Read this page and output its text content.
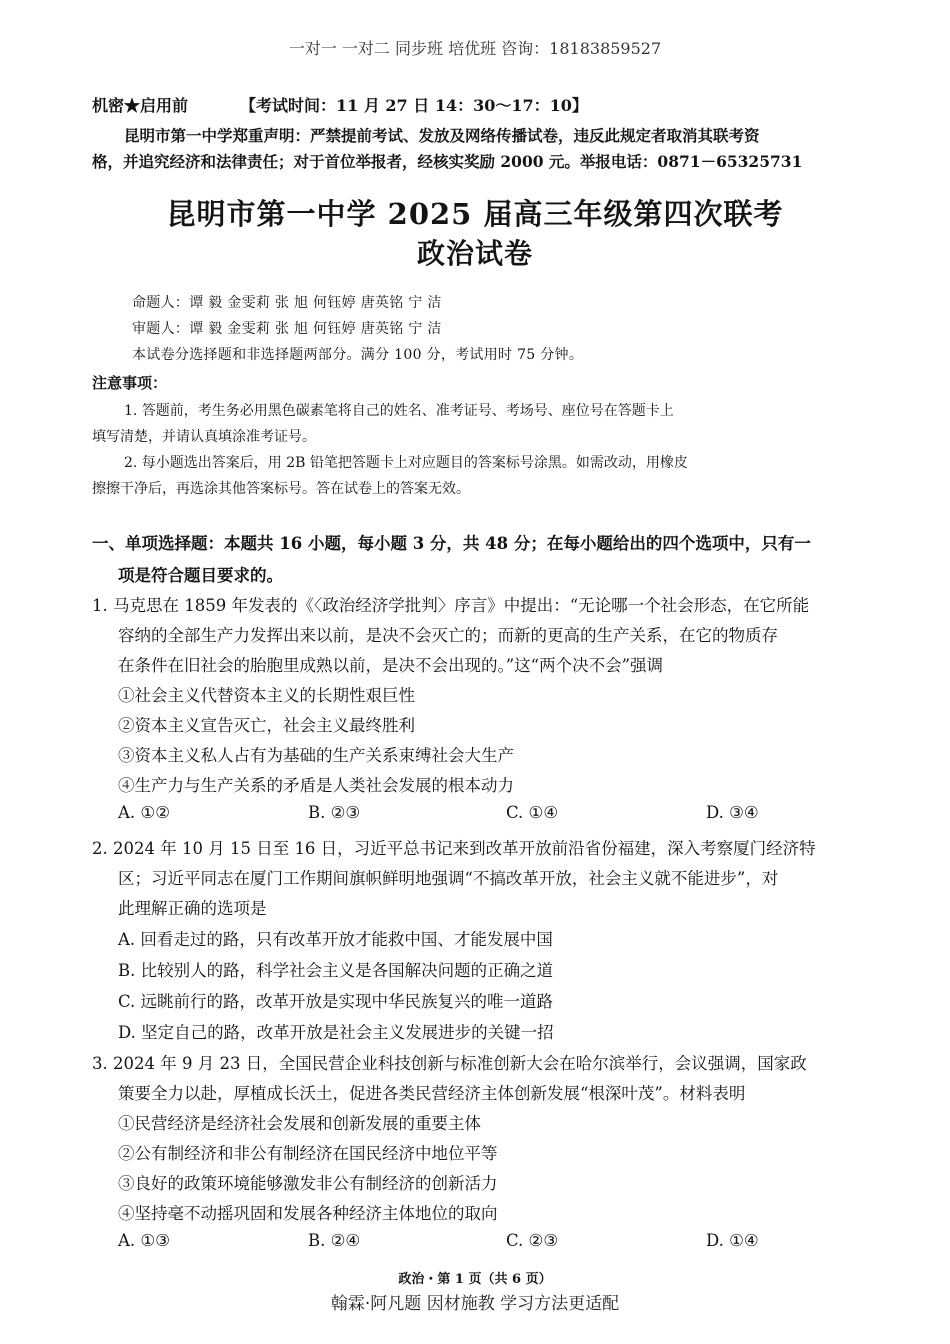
一对一 一对二 同步班 培优班 咨询：18183859527
机密★启用前	【考试时间：11 月 27 日 14：30～17：10】
昆明市第一中学郑重声明：严禁提前考试、发放及网络传播试卷，违反此规定者取消其联考资
格，并追究经济和法律责任；对于首位举报者，经核实奖励 2000 元。举报电话：0871－65325731
昆明市第一中学 2025 届高三年级第四次联考
政治试卷
命题人：谭 毅 金雯莉 张 旭 何钰婷 唐英铭 宁 洁
审题人：谭 毅 金雯莉 张 旭 何钰婷 唐英铭 宁 洁
本试卷分选择题和非选择题两部分。满分 100 分，考试用时 75 分钟。
注意事项：
1. 答题前，考生务必用黑色碳素笔将自己的姓名、准考证号、考场号、座位号在答题卡上
填写清楚，并请认真填涂准考证号。
2. 每小题选出答案后，用 2B 铅笔把答题卡上对应题目的答案标号涂黑。如需改动，用橡皮
擦擦干净后，再选涂其他答案标号。答在试卷上的答案无效。
一、单项选择题：本题共 16 小题，每小题 3 分，共 48 分；在每小题给出的四个选项中，只有一
项是符合题目要求的。
1. 马克思在 1859 年发表的《〈政治经济学批判〉序言》中提出：“无论哪一个社会形态，在它所能
容纳的全部生产力发挥出来以前，是决不会灭亡的；而新的更高的生产关系，在它的物质存
在条件在旧社会的胎胞里成熟以前，是决不会出现的。”这“两个决不会”强调
①社会主义代替资本主义的长期性艰巨性
②资本主义宣告灭亡，社会主义最终胜利
③资本主义私人占有为基础的生产关系束缚社会大生产
④生产力与生产关系的矛盾是人类社会发展的根本动力
A. ①②	B. ②③	C. ①④	D. ③④
2. 2024 年 10 月 15 日至 16 日，习近平总书记来到改革开放前沿省份福建，深入考察厦门经济特
区；习近平同志在厦门工作期间旗帜鲜明地强调“不搞改革开放，社会主义就不能进步”，对
此理解正确的选项是
A. 回看走过的路，只有改革开放才能救中国、才能发展中国
B. 比较别人的路，科学社会主义是各国解决问题的正确之道
C. 远眺前行的路，改革开放是实现中华民族复兴的唯一道路
D. 坚定自己的路，改革开放是社会主义发展进步的关键一招
3. 2024 年 9 月 23 日，全国民营企业科技创新与标准创新大会在哈尔滨举行，会议强调，国家政
策要全力以赴，厚植成长沃土，促进各类民营经济主体创新发展“根深叶茂”。材料表明
①民营经济是经济社会发展和创新发展的重要主体
②公有制经济和非公有制经济在国民经济中地位平等
③良好的政策环境能够激发非公有制经济的创新活力
④坚持毫不动摇巩固和发展各种经济主体地位的取向
A. ①③	B. ②④	C. ②③	D. ①④
政治・第 1 页（共 6 页）
翰霖·阿凡题 因材施教 学习方法更适配
